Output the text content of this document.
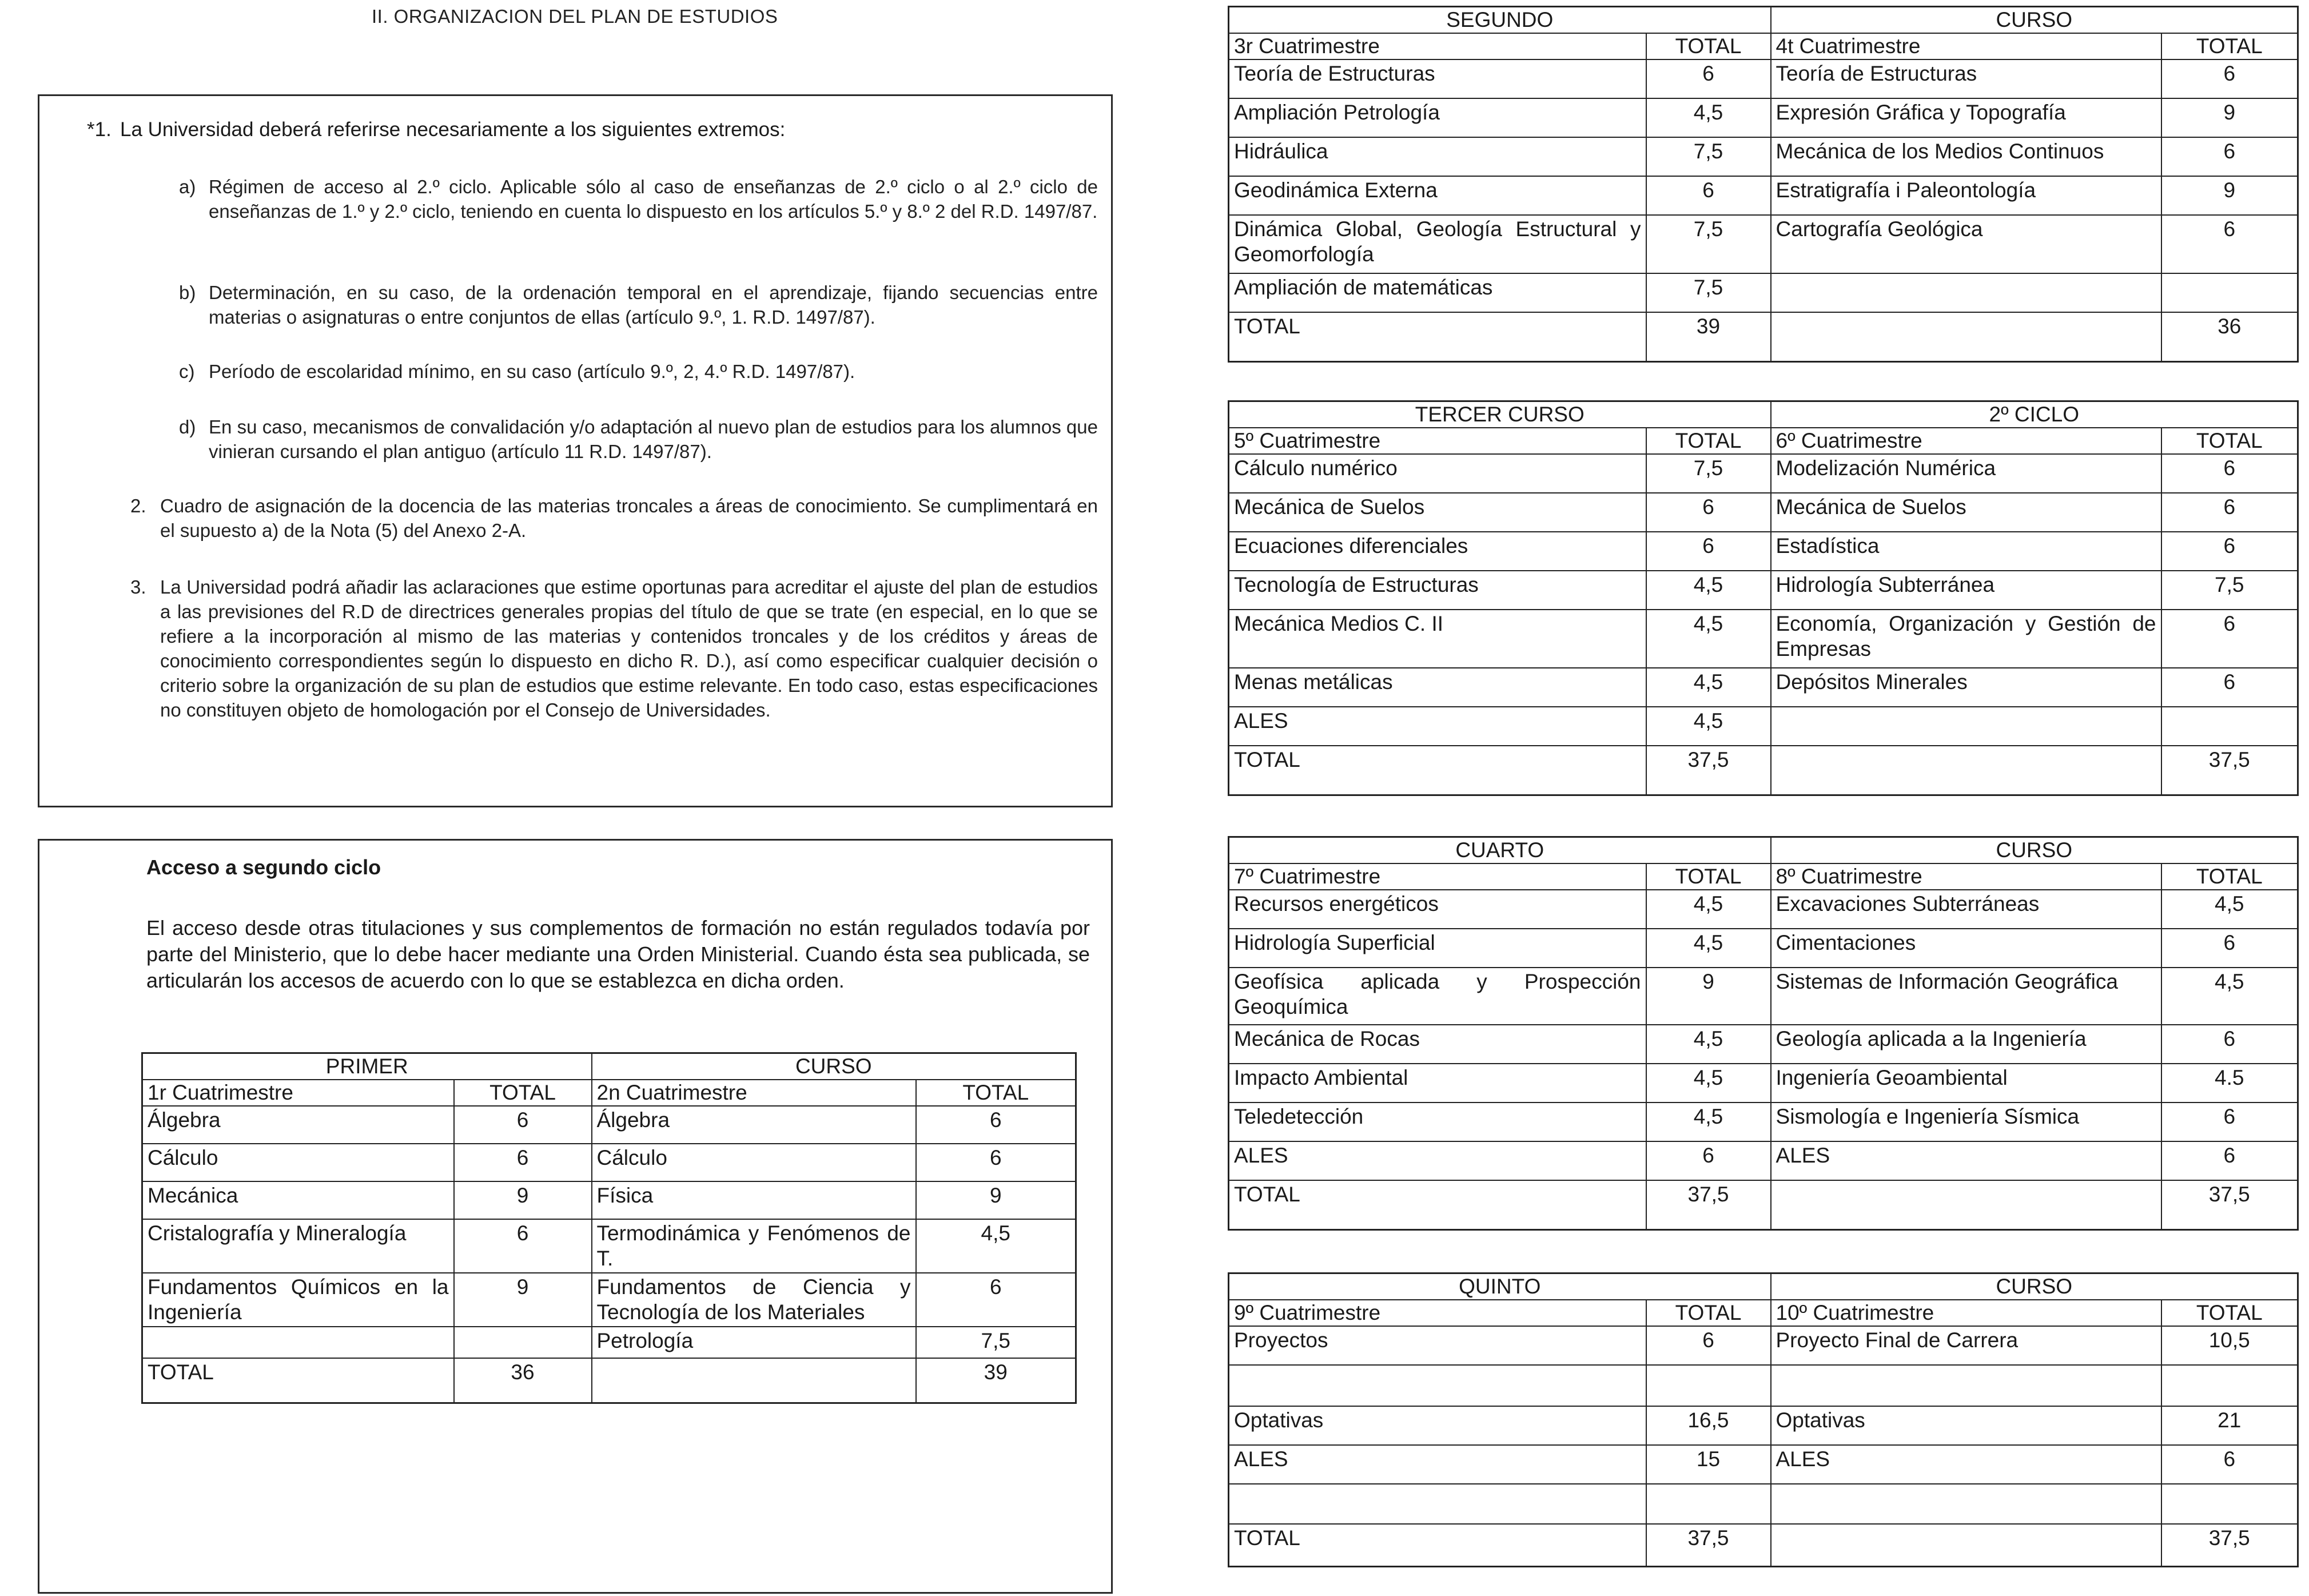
II. ORGANIZACION DEL PLAN DE ESTUDIOS
*1. La Universidad deberá referirse necesariamente a los siguientes extremos:
a) Régimen de acceso al 2.º ciclo. Aplicable sólo al caso de enseñanzas de 2.º ciclo o al 2.º ciclo de enseñanzas de 1.º y 2.º ciclo, teniendo en cuenta lo dispuesto en los artículos 5.º y 8.º 2 del R.D. 1497/87.
b) Determinación, en su caso, de la ordenación temporal en el aprendizaje, fijando secuencias entre materias o asignaturas o entre conjuntos de ellas (artículo 9.º, 1. R.D. 1497/87).
c) Período de escolaridad mínimo, en su caso (artículo 9.º, 2, 4.º R.D. 1497/87).
d) En su caso, mecanismos de convalidación y/o adaptación al nuevo plan de estudios para los alumnos que vinieran cursando el plan antiguo (artículo 11 R.D. 1497/87).
2. Cuadro de asignación de la docencia de las materias troncales a áreas de conocimiento. Se cumplimentará en el supuesto a) de la Nota (5) del Anexo 2-A.
3. La Universidad podrá añadir las aclaraciones que estime oportunas para acreditar el ajuste del plan de estudios a las previsiones del R.D de directrices generales propias del título de que se trate (en especial, en lo que se refiere a la incorporación al mismo de las materias y contenidos troncales y de los créditos y áreas de conocimiento correspondientes según lo dispuesto en dicho R. D.), así como especificar cualquier decisión o criterio sobre la organización de su plan de estudios que estime relevante. En todo caso, estas especificaciones no constituyen objeto de homologación por el Consejo de Universidades.
Acceso a segundo ciclo
El acceso desde otras titulaciones y sus complementos de formación no están regulados todavía por parte del Ministerio, que lo debe hacer mediante una Orden Ministerial. Cuando ésta sea publicada, se articularán los accesos de acuerdo con lo que se establezca en dicha orden.
PRIMER		CURSO	
1r Cuatrimestre	TOTAL	2n Cuatrimestre	TOTAL
Álgebra	6	Álgebra	6
Cálculo	6	Cálculo	6
Mecánica	9	Física	9
Cristalografía y Mineralogía	6	Termodinámica y Fenómenos de T.	4,5
Fundamentos Químicos en la Ingeniería	9	Fundamentos de Ciencia y Tecnología de los Materiales	6
		Petrología	7,5
TOTAL	36		39
SEGUNDO		CURSO	
3r Cuatrimestre	TOTAL	4t Cuatrimestre	TOTAL
Teoría de Estructuras	6	Teoría de Estructuras	6
Ampliación Petrología	4,5	Expresión Gráfica y Topografía	9
Hidráulica	7,5	Mecánica de los Medios Continuos	6
Geodinámica Externa	6	Estratigrafía i Paleontología	9
Dinámica Global, Geología Estructural y Geomorfología	7,5	Cartografía Geológica	6
Ampliación de matemáticas	7,5		
TOTAL	39		36
TERCER CURSO		2º CICLO	
5º Cuatrimestre	TOTAL	6º Cuatrimestre	TOTAL
Cálculo numérico	7,5	Modelización Numérica	6
Mecánica de Suelos	6	Mecánica de Suelos	6
Ecuaciones diferenciales	6	Estadística	6
Tecnología de Estructuras	4,5	Hidrología Subterránea	7,5
Mecánica Medios C. II	4,5	Economía, Organización y Gestión de Empresas	6
Menas metálicas	4,5	Depósitos Minerales	6
ALES	4,5		
TOTAL	37,5		37,5
CUARTO		CURSO	
7º Cuatrimestre	TOTAL	8º Cuatrimestre	TOTAL
Recursos energéticos	4,5	Excavaciones Subterráneas	4,5
Hidrología Superficial	4,5	Cimentaciones	6
Geofísica aplicada y Prospección Geoquímica	9	Sistemas de Información Geográfica	4,5
Mecánica de Rocas	4,5	Geología aplicada a la Ingeniería	6
Impacto Ambiental	4,5	Ingeniería Geoambiental	4.5
Teledetección	4,5	Sismología e Ingeniería Sísmica	6
ALES	6	ALES	6
TOTAL	37,5		37,5
QUINTO		CURSO	
9º Cuatrimestre	TOTAL	10º Cuatrimestre	TOTAL
Proyectos	6	Proyecto Final de Carrera	10,5

Optativas	16,5	Optativas	21
ALES	15	ALES	6

TOTAL	37,5		37,5
